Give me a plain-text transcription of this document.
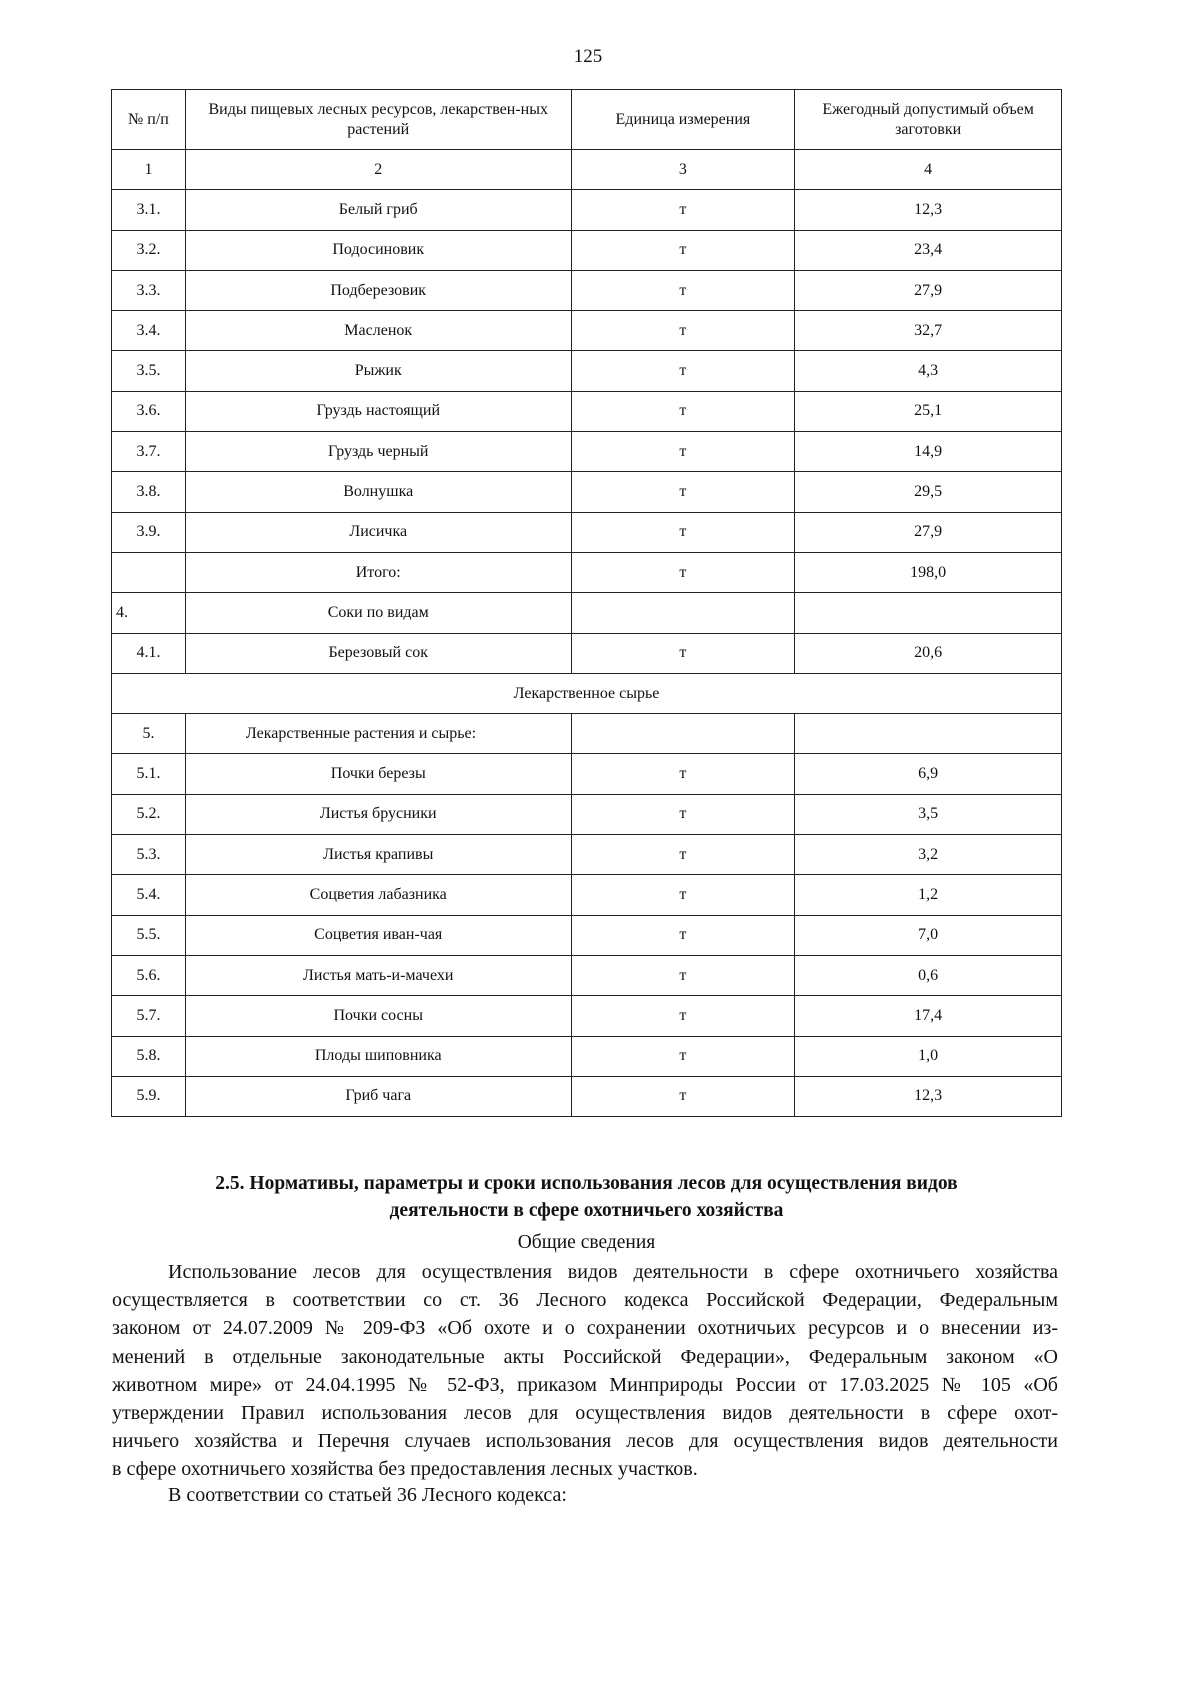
125
№ п/п	Виды пищевых лесных ресурсов, лекарствен-ных растений	Единица измерения	Ежегодный допустимый объем заготовки
1	2	3	4
3.1.	Белый гриб	т	12,3
3.2.	Подосиновик	т	23,4
3.3.	Подберезовик	т	27,9
3.4.	Масленок	т	32,7
3.5.	Рыжик	т	4,3
3.6.	Груздь настоящий	т	25,1
3.7.	Груздь черный	т	14,9
3.8.	Волнушка	т	29,5
3.9.	Лисичка	т	27,9
	Итого:	т	198,0
4.	Соки по видам		
4.1.	Березовый сок	т	20,6
Лекарственное сырье			
5.	Лекарственные растения и сырье:		
5.1.	Почки березы	т	6,9
5.2.	Листья брусники	т	3,5
5.3.	Листья крапивы	т	3,2
5.4.	Соцветия лабазника	т	1,2
5.5.	Соцветия иван-чая	т	7,0
5.6.	Листья мать-и-мачехи	т	0,6
5.7.	Почки сосны	т	17,4
5.8.	Плоды шиповника	т	1,0
5.9.	Гриб чага	т	12,3
2.5. Нормативы, параметры и сроки использования лесов для осуществления видов
деятельности в сфере охотничьего хозяйства
Общие сведения
Использование лесов для осуществления видов деятельности в сфере охотничьего хозяйства
осуществляется в соответствии со ст. 36 Лесного кодекса Российской Федерации, Федеральным
законом от 24.07.2009 № 209-ФЗ «Об охоте и о сохранении охотничьих ресурсов и о внесении из-
менений в отдельные законодательные акты Российской Федерации», Федеральным законом «О
животном мире» от 24.04.1995 № 52-ФЗ, приказом Минприроды России от 17.03.2025 № 105 «Об
утверждении Правил использования лесов для осуществления видов деятельности в сфере охот-
ничьего хозяйства и Перечня случаев использования лесов для осуществления видов деятельности
в сфере охотничьего хозяйства без предоставления лесных участков.
В соответствии со статьей 36 Лесного кодекса:
